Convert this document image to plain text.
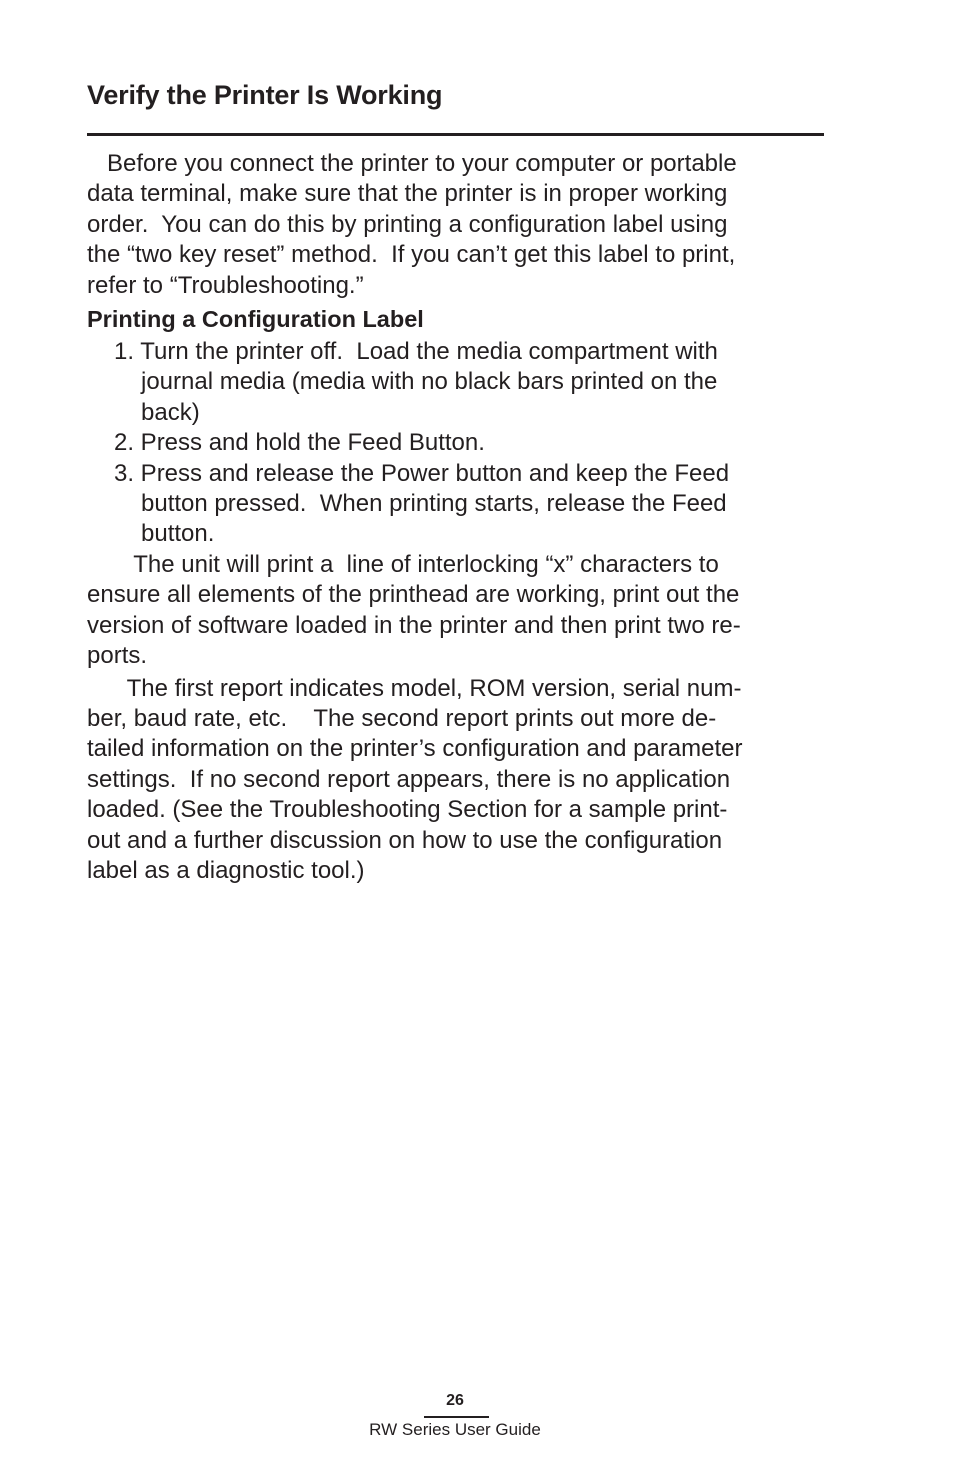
Verify the Printer Is Working
Before you connect the printer to your computer or portable
data terminal, make sure that the printer is in proper working
order.  You can do this by printing a configuration label using
the “two key reset” method.  If you can’t get this label to print,
refer to “Troubleshooting.”
Printing a Configuration Label
1. Turn the printer off.  Load the media compartment with
journal media (media with no black bars printed on the
back)
2. Press and hold the Feed Button.
3. Press and release the Power button and keep the Feed
button pressed.  When printing starts, release the Feed
button.
The unit will print a  line of interlocking “x” characters to
ensure all elements of the printhead are working, print out the
version of software loaded in the printer and then print two re-
ports.
The first report indicates model, ROM version, serial num-
ber, baud rate, etc.    The second report prints out more de-
tailed information on the printer’s configuration and parameter
settings.  If no second report appears, there is no application
loaded. (See the Troubleshooting Section for a sample print-
out and a further discussion on how to use the configuration
label as a diagnostic tool.)
26
RW Series User Guide
